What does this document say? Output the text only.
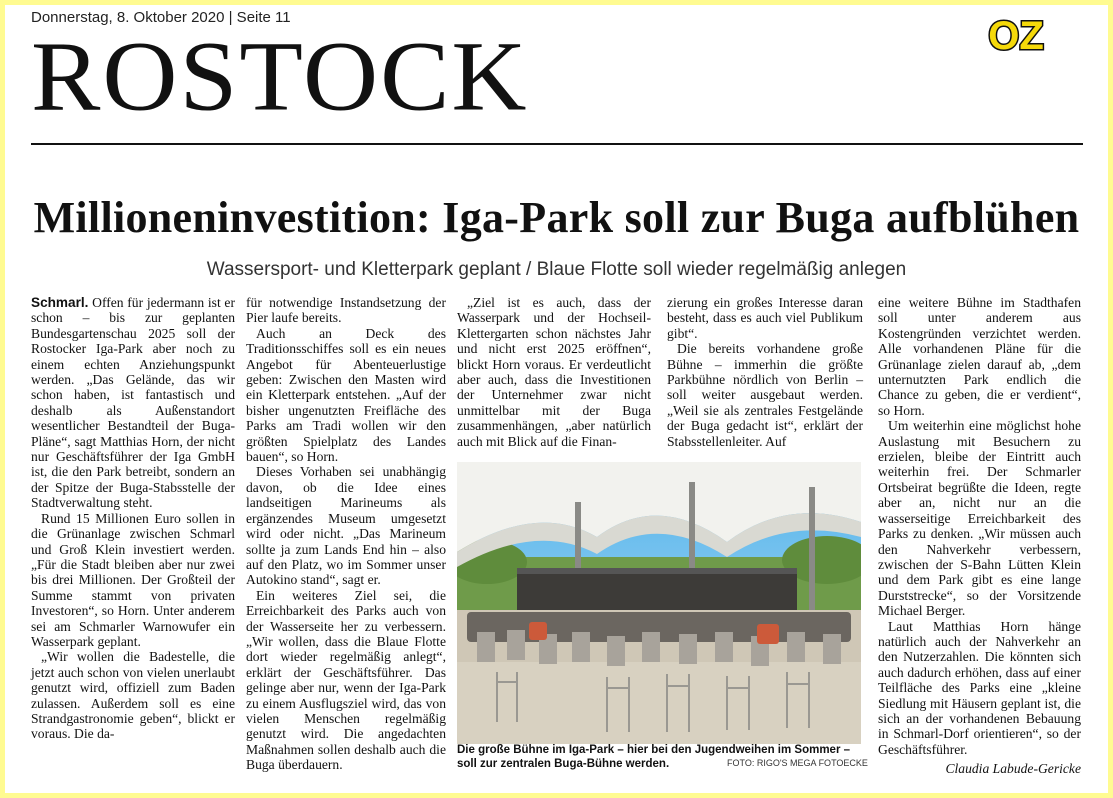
Donnerstag, 8. Oktober 2020 | Seite 11	OZ
ROSTOCK
Millioneninvestition: Iga-Park soll zur Buga aufblühen
Wassersport- und Kletterpark geplant / Blaue Flotte soll wieder regelmäßig anlegen

Schmarl. Offen für jedermann ist er schon – bis zur geplanten Bundesgartenschau 2025 soll der Rostocker Iga-Park aber noch zu einem echten Anziehungspunkt werden. „Das Gelände, das wir schon haben, ist fantastisch und deshalb als Außenstandort wesentlicher Bestandteil der Buga-Pläne“, sagt Matthias Horn, der nicht nur Geschäftsführer der Iga GmbH ist, die den Park betreibt, sondern an der Spitze der Buga-Stabsstelle der Stadtverwaltung steht.

Rund 15 Millionen Euro sollen in die Grünanlage zwischen Schmarl und Groß Klein investiert werden. „Für die Stadt bleiben aber nur zwei bis drei Millionen. Der Großteil der Summe stammt von privaten Investoren“, so Horn. Unter anderem sei am Schmarler Warnowufer ein Wasserpark geplant.

„Wir wollen die Badestelle, die jetzt auch schon von vielen unerlaubt genutzt wird, offiziell zum Baden zulassen. Außerdem soll es eine Strandgastronomie geben“, blickt er voraus. Die da-

für notwendige Instandsetzung der Pier laufe bereits.

Auch an Deck des Traditionsschiffes soll es ein neues Angebot für Abenteuerlustige geben: Zwischen den Masten wird ein Kletterpark entstehen. „Auf der bisher ungenutzten Freifläche des Parks am Tradi wollen wir den größten Spielplatz des Landes bauen“, so Horn.

Dieses Vorhaben sei unabhängig davon, ob die Idee eines landseitigen Marineums als ergänzendes Museum umgesetzt wird oder nicht. „Das Marineum sollte ja zum Lands End hin – also auf den Platz, wo im Sommer unser Autokino stand“, sagt er.

Ein weiteres Ziel sei, die Erreichbarkeit des Parks auch von der Wasserseite her zu verbessern. „Wir wollen, dass die Blaue Flotte dort wieder regelmäßig anlegt“, erklärt der Geschäftsführer. Das gelinge aber nur, wenn der Iga-Park zu einem Ausflugsziel wird, das von vielen Menschen regelmäßig genutzt wird. Die angedachten Maßnahmen sollen deshalb auch die Buga überdauern.

„Ziel ist es auch, dass der Wasserpark und der Hochseil-Klettergarten schon nächstes Jahr und nicht erst 2025 eröffnen“, blickt Horn voraus. Er verdeutlicht aber auch, dass die Investitionen der Unternehmer zwar nicht unmittelbar mit der Buga zusammenhängen, „aber natürlich auch mit Blick auf die Finan-

zierung ein großes Interesse daran besteht, dass es auch viel Publikum gibt“.

Die bereits vorhandene große Bühne – immerhin die größte Parkbühne nördlich von Berlin – soll weiter ausgebaut werden. „Weil sie als zentrales Festgelände der Buga gedacht ist“, erklärt der Stabsstellenleiter. Auf

eine weitere Bühne im Stadthafen soll unter anderem aus Kostengründen verzichtet werden. Alle vorhandenen Pläne für die Grünanlage zielen darauf ab, „dem unternutzten Park endlich die Chance zu geben, die er verdient“, so Horn.

Um weiterhin eine möglichst hohe Auslastung mit Besuchern zu erzielen, bleibe der Eintritt auch weiterhin frei. Der Schmarler Ortsbeirat begrüßte die Ideen, regte aber an, nicht nur an die wasserseitige Erreichbarkeit des Parks zu denken. „Wir müssen auch den Nahverkehr verbessern, zwischen der S-Bahn Lütten Klein und dem Park gibt es eine lange Durststrecke“, so der Vorsitzende Michael Berger.

Laut Matthias Horn hänge natürlich auch der Nahverkehr an den Nutzerzahlen. Die könnten sich auch dadurch erhöhen, dass auf einer Teilfläche des Parks eine „kleine Siedlung mit Häusern geplant ist, die sich an der vorhandenen Bebauung in Schmarl-Dorf orientieren“, so der Geschäftsführer.

Claudia Labude-Gericke

Die große Bühne im Iga-Park – hier bei den Jugendweihen im Sommer – soll zur zentralen Buga-Bühne werden.	FOTO: RIGO'S MEGA FOTOECKE
